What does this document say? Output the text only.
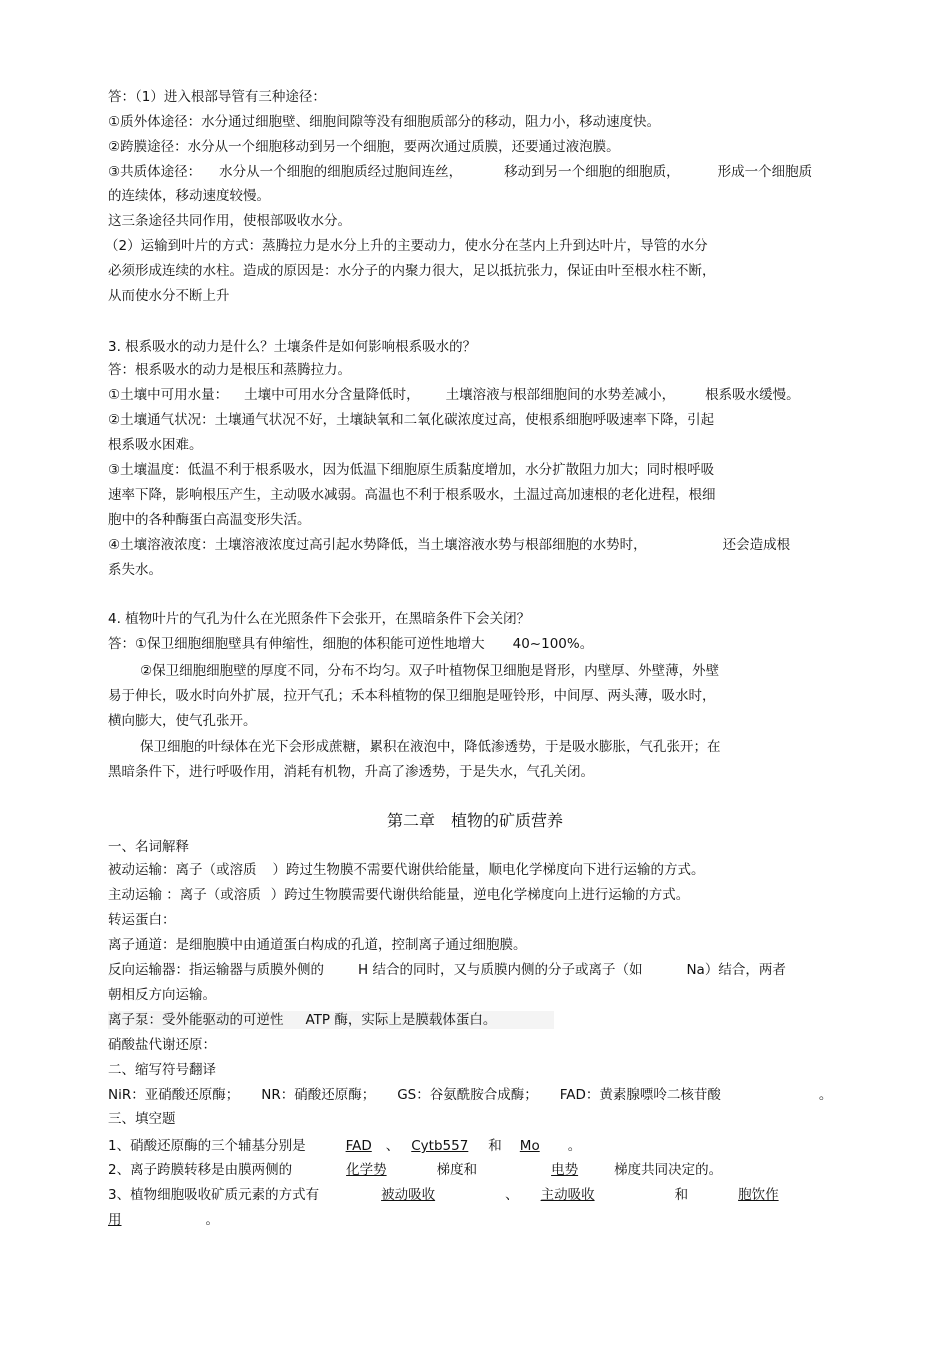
答：（1）进入根部导管有三种途径：
①质外体途径：水分通过细胞壁、细胞间隙等没有细胞质部分的移动，阻力小，移动速度快。
②跨膜途径：水分从一个细胞移动到另一个细胞，要两次通过质膜，还要通过液泡膜。
③共质体途径： 水分从一个细胞的细胞质经过胞间连丝，	移动到另一个细胞的细胞质，	形成一个细胞质
的连续体，移动速度较慢。
这三条途径共同作用，使根部吸收水分。
（2）运输到叶片的方式：蒸腾拉力是水分上升的主要动力，使水分在茎内上升到达叶片，导管的水分
必须形成连续的水柱。造成的原因是：水分子的内聚力很大，足以抵抗张力，保证由叶至根水柱不断，
从而使水分不断上升
3. 根系吸水的动力是什么？土壤条件是如何影响根系吸水的？
答：根系吸水的动力是根压和蒸腾拉力。
①土壤中可用水量： 土壤中可用水分含量降低时， 土壤溶液与根部细胞间的水势差减小， 根系吸水缓慢。
②土壤通气状况：土壤通气状况不好，土壤缺氧和二氧化碳浓度过高，使根系细胞呼吸速率下降，引起
根系吸水困难。
③土壤温度：低温不利于根系吸水，因为低温下细胞原生质黏度增加，水分扩散阻力加大；同时根呼吸
速率下降，影响根压产生，主动吸水减弱。高温也不利于根系吸水，土温过高加速根的老化进程，根细
胞中的各种酶蛋白高温变形失活。
④土壤溶液浓度：土壤溶液浓度过高引起水势降低，当土壤溶液水势与根部细胞的水势时，	还会造成根
系失水。
4. 植物叶片的气孔为什么在光照条件下会张开，在黑暗条件下会关闭？
答：①保卫细胞细胞壁具有伸缩性，细胞的体积能可逆性地增大 40~100%。
②保卫细胞细胞壁的厚度不同，分布不均匀。双子叶植物保卫细胞是肾形，内壁厚、外壁薄，外壁
易于伸长，吸水时向外扩展，拉开气孔；禾本科植物的保卫细胞是哑铃形，中间厚、两头薄，吸水时，
横向膨大，使气孔张开。
保卫细胞的叶绿体在光下会形成蔗糖，累积在液泡中，降低渗透势，于是吸水膨胀，气孔张开；在
黑暗条件下，进行呼吸作用，消耗有机物，升高了渗透势，于是失水，气孔关闭。
第二章　植物的矿质营养
一、名词解释
被动运输：离子（或溶质 ）跨过生物膜不需要代谢供给能量，顺电化学梯度向下进行运输的方式。
主动运输 ：离子（或溶质 ）跨过生物膜需要代谢供给能量，逆电化学梯度向上进行运输的方式。
转运蛋白：
离子通道：是细胞膜中由通道蛋白构成的孔道，控制离子通过细胞膜。
反向运输器：指运输器与质膜外侧的	H 结合的同时，又与质膜内侧的分子或离子（如	Na）结合，两者
朝相反方向运输。
离子泵：受外能驱动的可逆性 ATP 酶，实际上是膜载体蛋白。
硝酸盐代谢还原：
二、缩写符号翻译
NiR：亚硝酸还原酶； NR：硝酸还原酶； GS：谷氨酰胺合成酶； FAD：黄素腺嘌呤二核苷酸	。
三、填空题
1、硝酸还原酶的三个辅基分别是	FAD 、 Cytb557 和 Mo 。
2、离子跨膜转移是由膜两侧的	化学势	梯度和	电势	梯度共同决定的。
3、植物细胞吸收矿质元素的方式有	被动吸收	、 主动吸收	和	胞饮作
用	。
